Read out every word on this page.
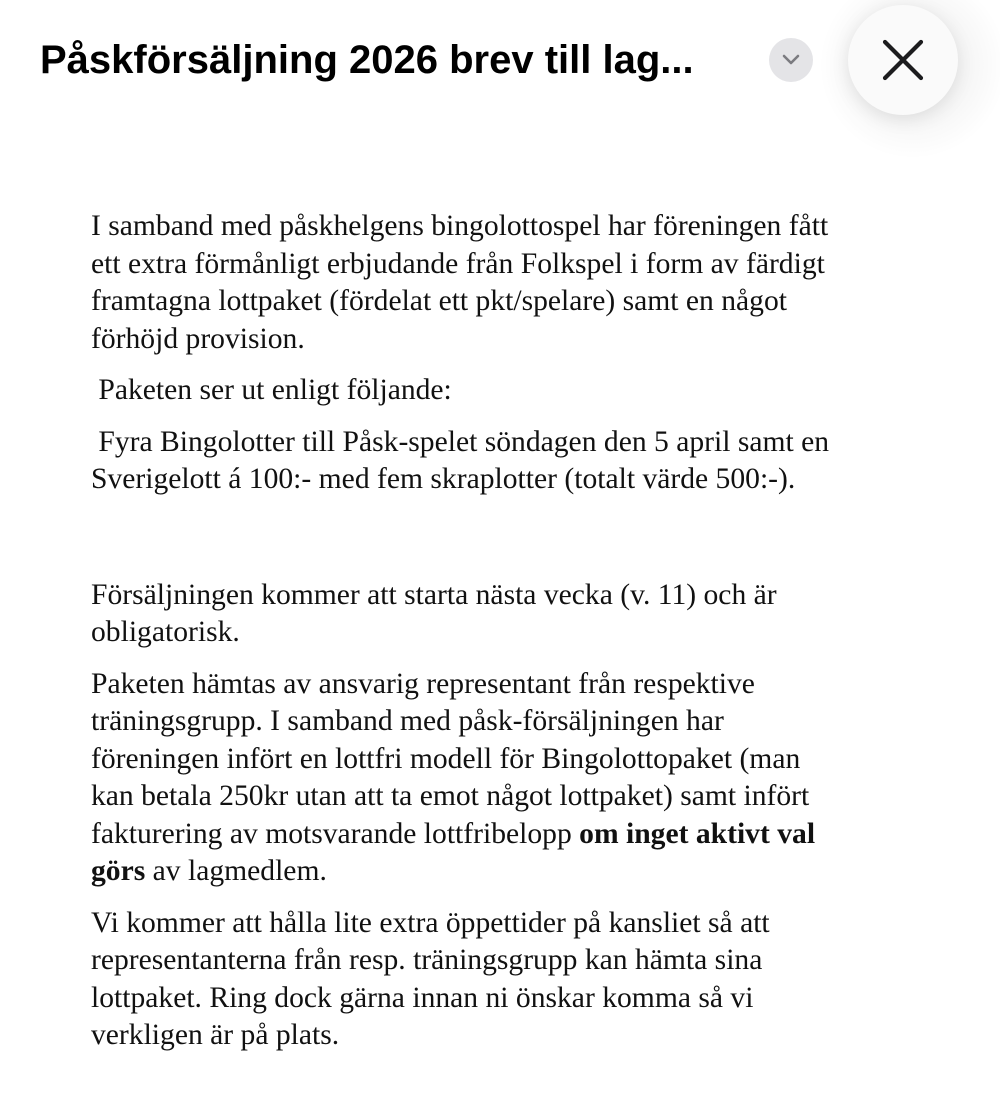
Påskförsäljning 2026 brev till lag...

I samband med påskhelgens bingolottospel har föreningen fått

ett extra förmånligt erbjudande från Folkspel i form av färdigt

framtagna lottpaket (fördelat ett pkt/spelare) samt en något

förhöjd provision.

Paketen ser ut enligt följande:

Fyra Bingolotter till Påsk-spelet söndagen den 5 april samt en

Sverigelott á 100:- med fem skraplotter (totalt värde 500:-).

Försäljningen kommer att starta nästa vecka (v. 11) och är

obligatorisk.

Paketen hämtas av ansvarig representant från respektive

träningsgrupp. I samband med påsk-försäljningen har

föreningen infört en lottfri modell för Bingolottopaket (man

kan betala 250kr utan att ta emot något lottpaket) samt infört

fakturering av motsvarande lottfribelopp om inget aktivt val

görs av lagmedlem.

Vi kommer att hålla lite extra öppettider på kansliet så att

representanterna från resp. träningsgrupp kan hämta sina

lottpaket. Ring dock gärna innan ni önskar komma så vi

verkligen är på plats.
